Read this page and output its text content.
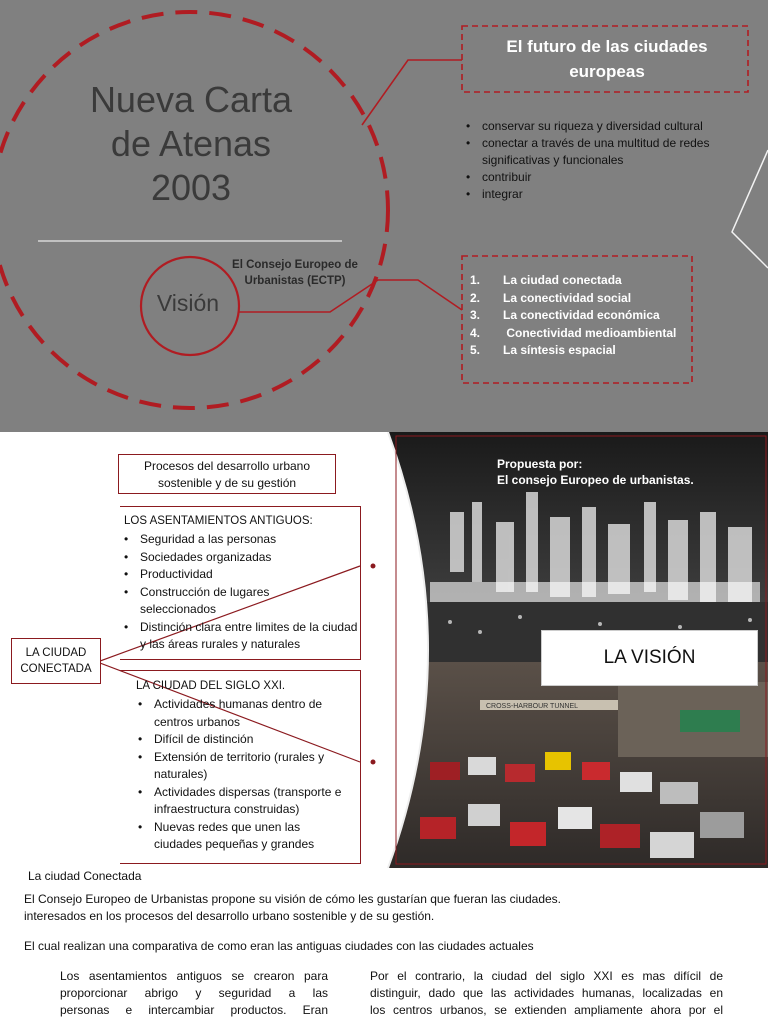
Nueva Carta
de Atenas
2003
Visión
El Consejo Europeo de
Urbanistas (ECTP)
El futuro de las ciudades
europeas
• conservar su riqueza y diversidad cultural
• conectar a través de una multitud de redes significativas y funcionales
• contribuir
• integrar
1. La ciudad conectada
2. La conectividad social
3. La conectividad económica
4. Conectividad medioambiental
5. La síntesis espacial
CROSS-HARBOUR TUNNEL
Procesos del desarrollo urbano
sostenible y de su gestión
LA CIUDAD
CONECTADA
LOS ASENTAMIENTOS ANTIGUOS:
• Seguridad a las personas
• Sociedades organizadas
• Productividad
• Construcción de lugares seleccionados
• Distinción clara entre limites de la ciudad y las áreas rurales y naturales
LA CIUDAD DEL SIGLO XXI.
• Actividades humanas dentro de centros urbanos
• Difícil de distinción
• Extensión de territorio (rurales y naturales)
• Actividades dispersas (transporte e infraestructura construidas)
• Nuevas redes que unen las ciudades pequeñas y grandes
Propuesta por:
El consejo Europeo de urbanistas.
LA VISIÓN
La ciudad Conectada
El Consejo Europeo de Urbanistas propone su visión de cómo les gustarían que fueran las ciudades.
interesados en los procesos del desarrollo urbano sostenible y de su gestión.
El cual realizan una comparativa de como eran las antiguas ciudades con las ciudades actuales
Los asentamientos antiguos se crearon para
proporcionar abrigo y seguridad a las
personas e intercambiar productos. Eran
Por el contrario, la ciudad del siglo XXI es mas difícil de
distinguir, dado que las actividades humanas, localizadas en
los centros urbanos, se extienden ampliamente ahora por el
